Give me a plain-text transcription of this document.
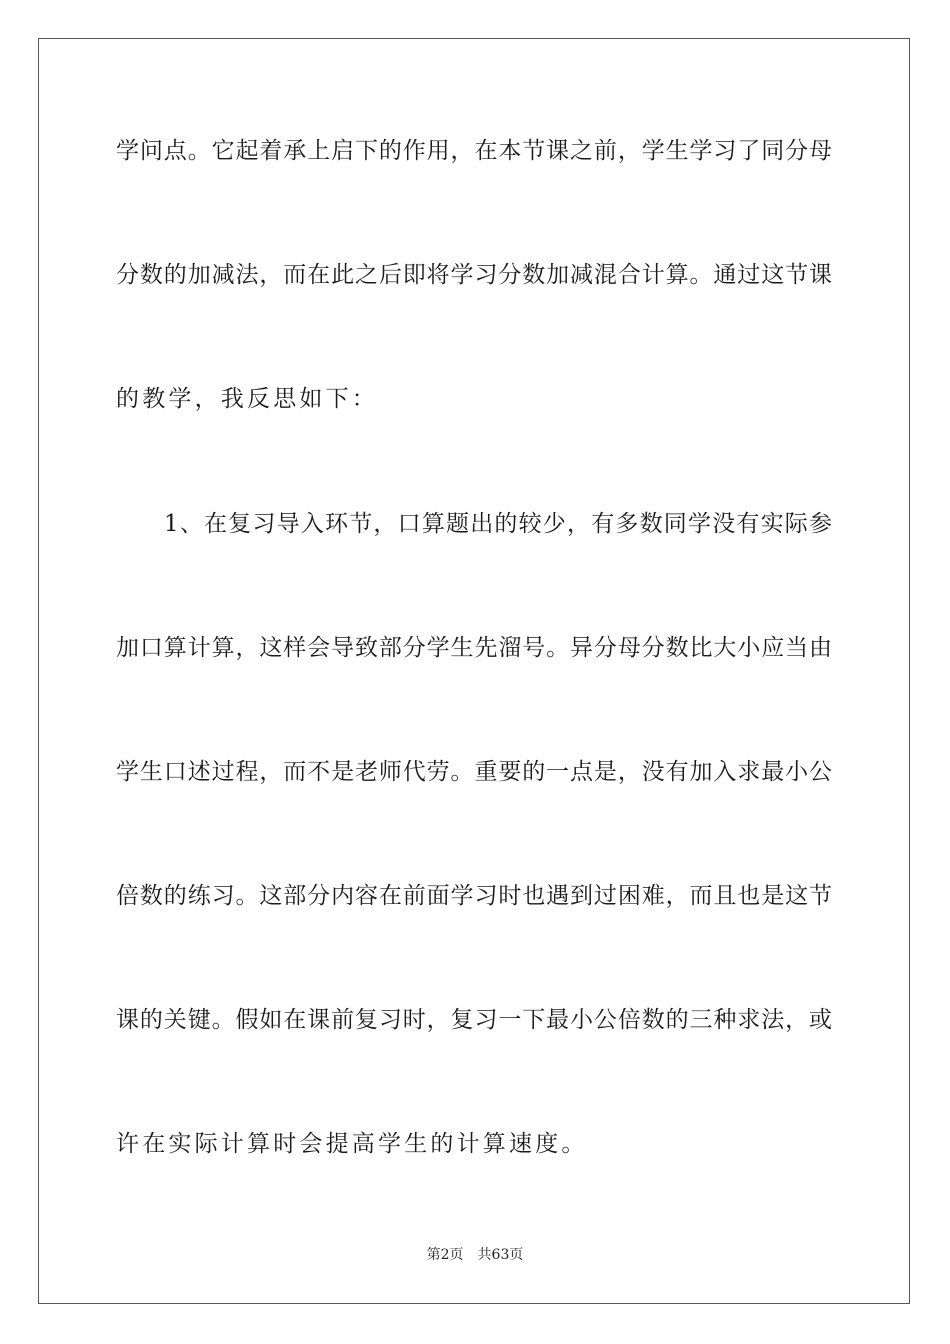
学问点。它起着承上启下的作用，在本节课之前，学生学习了同分母
分数的加减法，而在此之后即将学习分数加减混合计算。通过这节课
的教学，我反思如下：
1、在复习导入环节，口算题出的较少，有多数同学没有实际参
加口算计算，这样会导致部分学生先溜号。异分母分数比大小应当由
学生口述过程，而不是老师代劳。重要的一点是，没有加入求最小公
倍数的练习。这部分内容在前面学习时也遇到过困难，而且也是这节
课的关键。假如在课前复习时，复习一下最小公倍数的三种求法，或
许在实际计算时会提高学生的计算速度。
第2页 共63页
